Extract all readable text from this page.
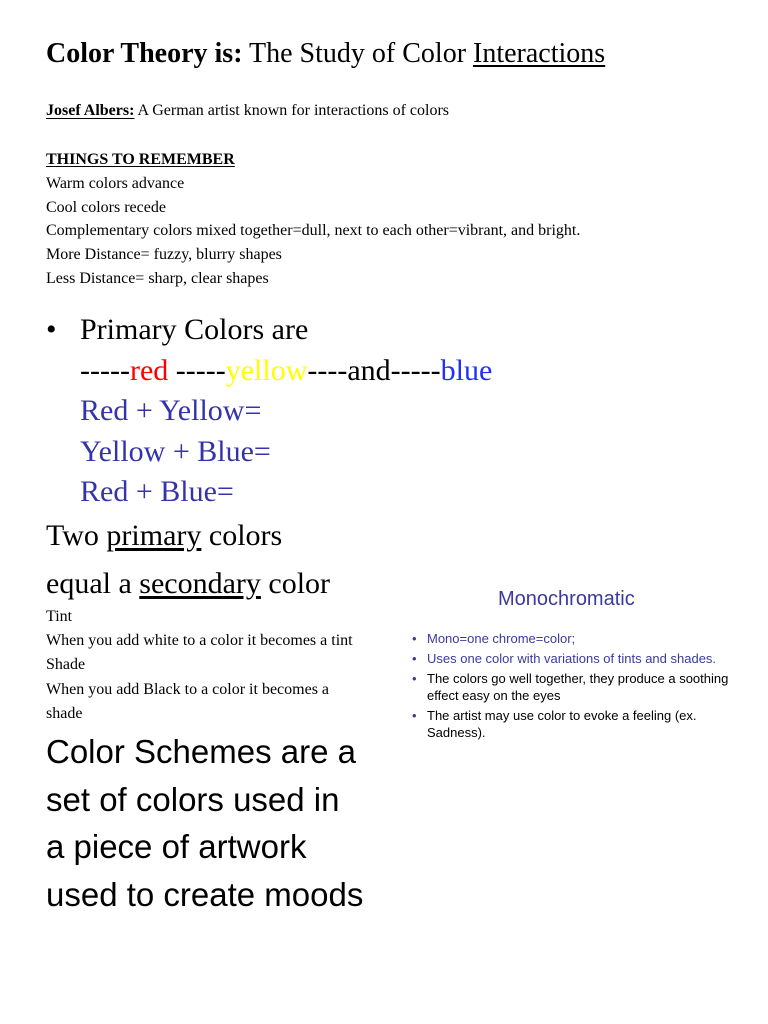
Color Theory is: The Study of Color Interactions
Josef Albers: A German artist known for interactions of colors
THINGS TO REMEMBER
Warm colors advance
Cool colors recede
Complementary colors mixed together=dull, next to each other=vibrant, and bright.
More Distance= fuzzy, blurry shapes
Less Distance= sharp, clear shapes
• Primary Colors are
-----red -----yellow----and-----blue
Red + Yellow=
Yellow + Blue=
Red + Blue=
Two primary colors
equal a secondary color
Tint
When you add white to a color it becomes a tint
Shade
When you add Black to a color it becomes a
shade
Color Schemes are a
set of colors used in
a piece of artwork
used to create moods
Monochromatic
• Mono=one chrome=color;
• Uses one color with variations of tints and shades.
• The colors go well together, they produce a soothing effect easy on the eyes
• The artist may use color to evoke a feeling (ex. Sadness).
